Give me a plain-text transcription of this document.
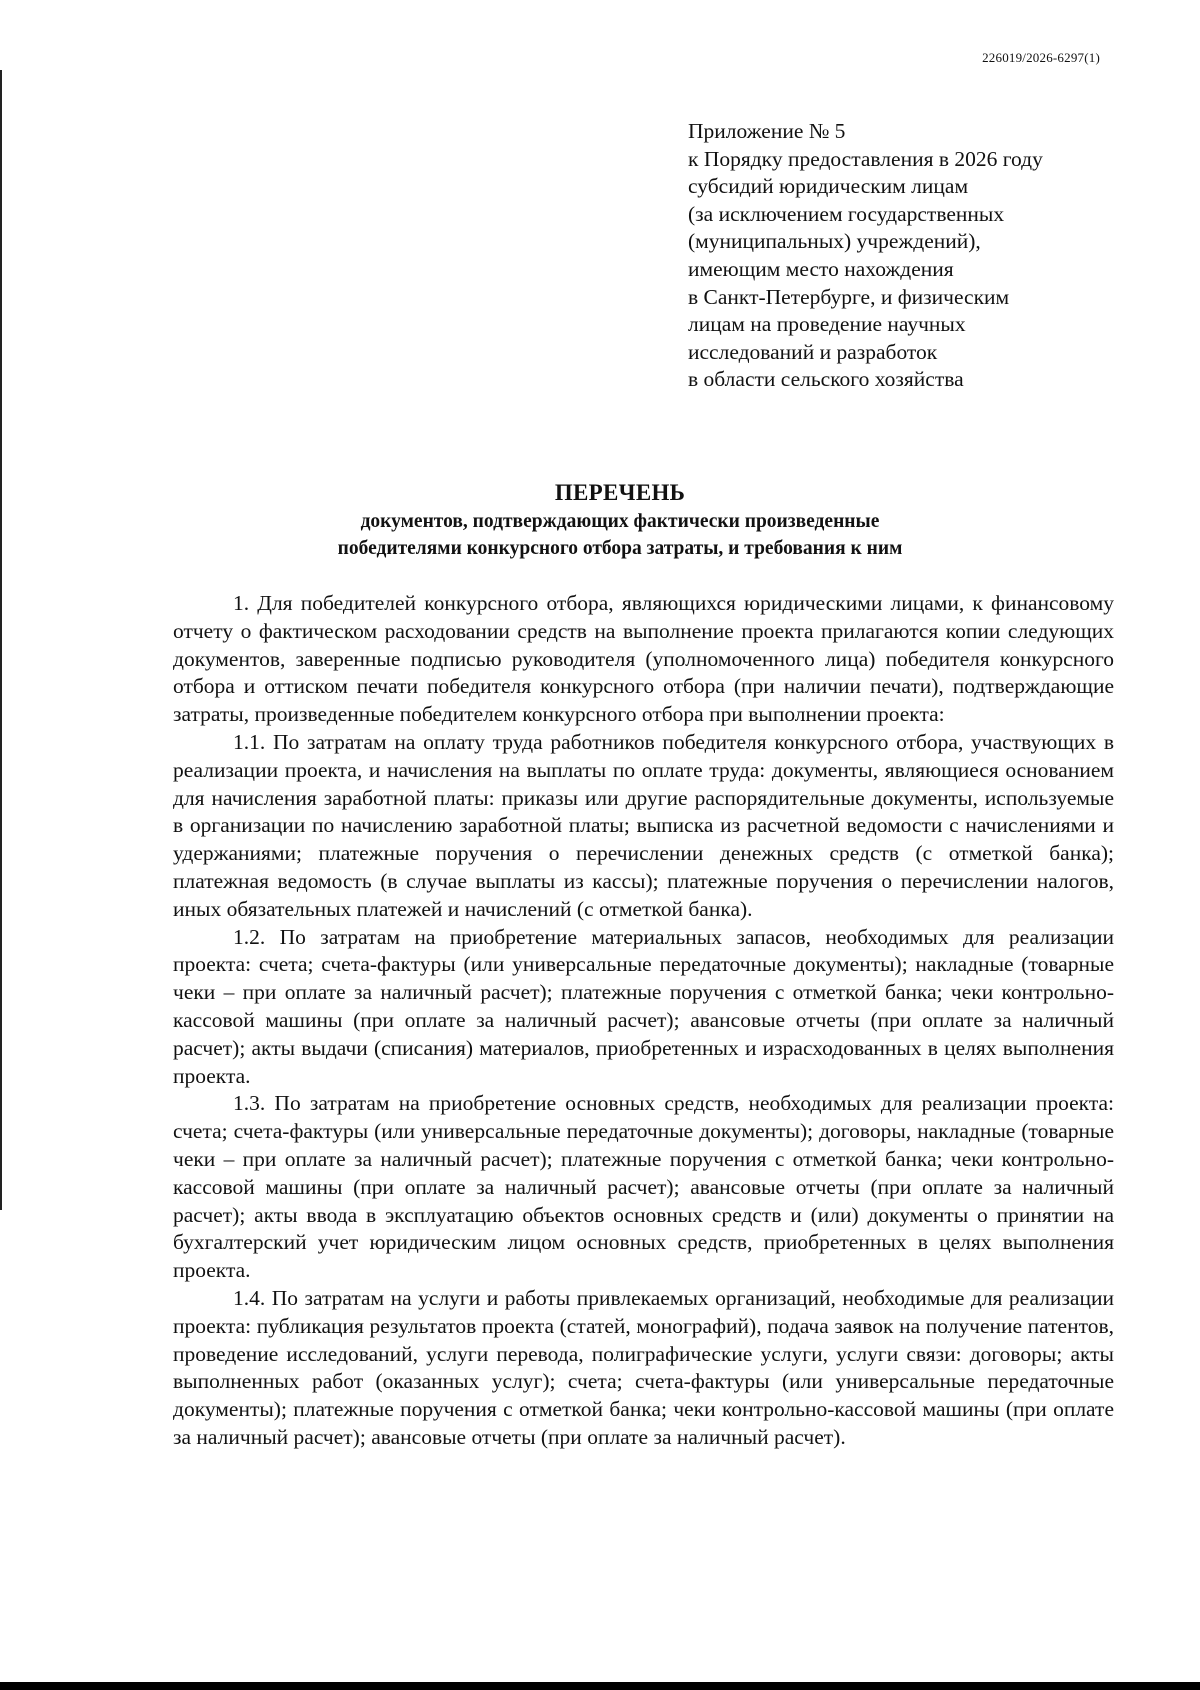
226019/2026-6297(1)
Приложение № 5
к Порядку предоставления в 2026 году
субсидий юридическим лицам
(за исключением государственных
(муниципальных) учреждений),
имеющим место нахождения
в Санкт-Петербурге, и физическим
лицам на проведение научных
исследований и разработок
в области сельского хозяйства
ПЕРЕЧЕНЬ
документов, подтверждающих фактически произведенные
победителями конкурсного отбора затраты, и требования к ним

1. Для победителей конкурсного отбора, являющихся юридическими лицами, к финансовому отчету о фактическом расходовании средств на выполнение проекта прилагаются копии следующих документов, заверенные подписью руководителя (уполномоченного лица) победителя конкурсного отбора и оттиском печати победителя конкурсного отбора (при наличии печати), подтверждающие затраты, произведенные победителем конкурсного отбора при выполнении проекта:

1.1. По затратам на оплату труда работников победителя конкурсного отбора, участвующих в реализации проекта, и начисления на выплаты по оплате труда: документы, являющиеся основанием для начисления заработной платы: приказы или другие распорядительные документы, используемые в организации по начислению заработной платы; выписка из расчетной ведомости с начислениями и удержаниями; платежные поручения о перечислении денежных средств (с отметкой банка); платежная ведомость (в случае выплаты из кассы); платежные поручения о перечислении налогов, иных обязательных платежей и начислений (с отметкой банка).

1.2. По затратам на приобретение материальных запасов, необходимых для реализации проекта: счета; счета-фактуры (или универсальные передаточные документы); накладные (товарные чеки – при оплате за наличный расчет); платежные поручения с отметкой банка; чеки контрольно-кассовой машины (при оплате за наличный расчет); авансовые отчеты (при оплате за наличный расчет); акты выдачи (списания) материалов, приобретенных и израсходованных в целях выполнения проекта.

1.3. По затратам на приобретение основных средств, необходимых для реализации проекта: счета; счета-фактуры (или универсальные передаточные документы); договоры, накладные (товарные чеки – при оплате за наличный расчет); платежные поручения с отметкой банка; чеки контрольно-кассовой машины (при оплате за наличный расчет); авансовые отчеты (при оплате за наличный расчет); акты ввода в эксплуатацию объектов основных средств и (или) документы о принятии на бухгалтерский учет юридическим лицом основных средств, приобретенных в целях выполнения проекта.

1.4. По затратам на услуги и работы привлекаемых организаций, необходимые для реализации проекта: публикация результатов проекта (статей, монографий), подача заявок на получение патентов, проведение исследований, услуги перевода, полиграфические услуги, услуги связи: договоры; акты выполненных работ (оказанных услуг); счета; счета-фактуры (или универсальные передаточные документы); платежные поручения с отметкой банка; чеки контрольно-кассовой машины (при оплате за наличный расчет); авансовые отчеты (при оплате за наличный расчет).
